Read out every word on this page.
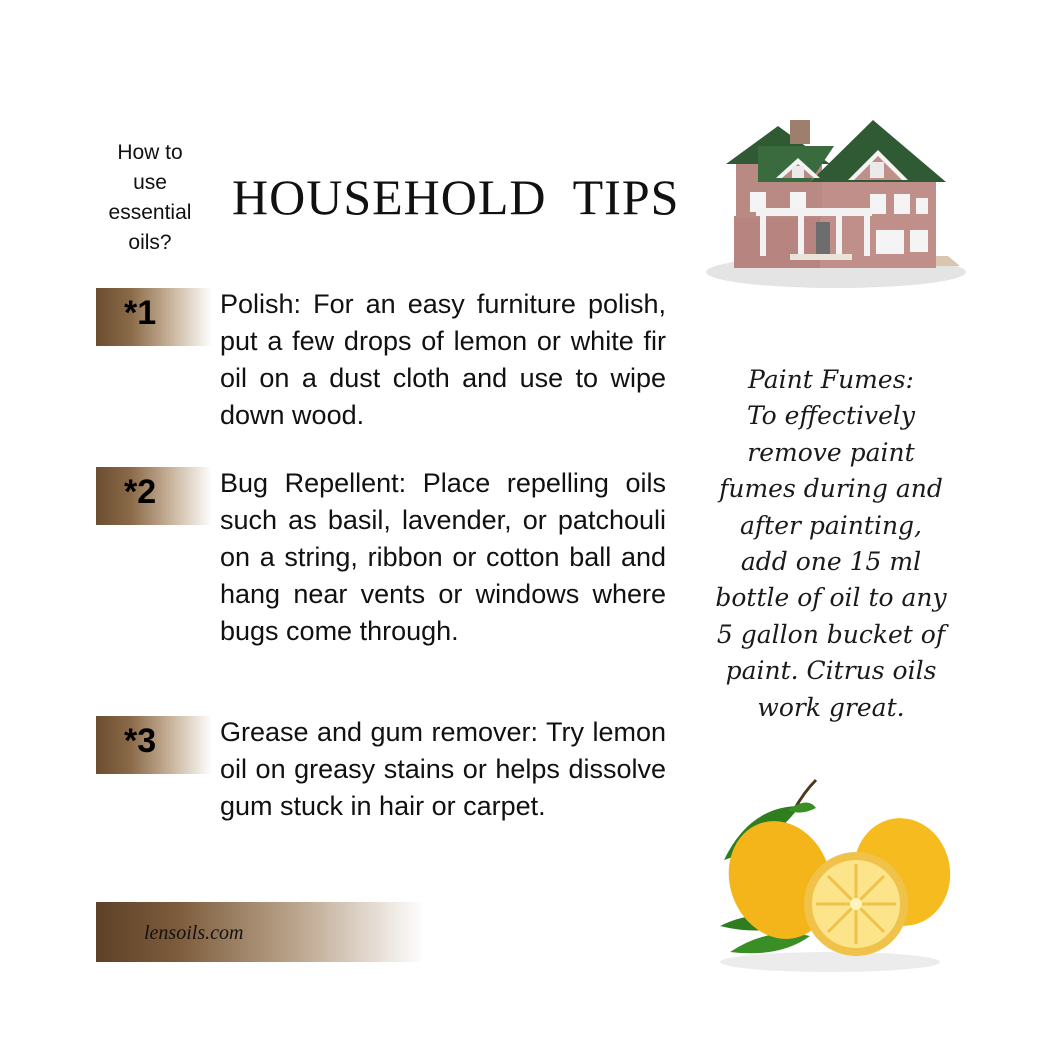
How to
use
essential
oils?
HOUSEHOLD  TIPS
*1 Polish: For an easy furniture polish, put a few drops of lemon or white fir oil on a dust cloth and use to wipe down wood.
*2 Bug Repellent: Place repelling oils such as basil, lavender, or patchouli on a string, ribbon or cotton ball and hang near vents or windows where bugs come through.
*3 Grease and gum remover: Try lemon oil on greasy stains or helps dissolve gum stuck in hair or carpet.
Paint Fumes:
To effectively
remove paint
fumes during and
after painting,
add one 15 ml
bottle of oil to any
5 gallon bucket of
paint. Citrus oils
work great.
lensoils.com
